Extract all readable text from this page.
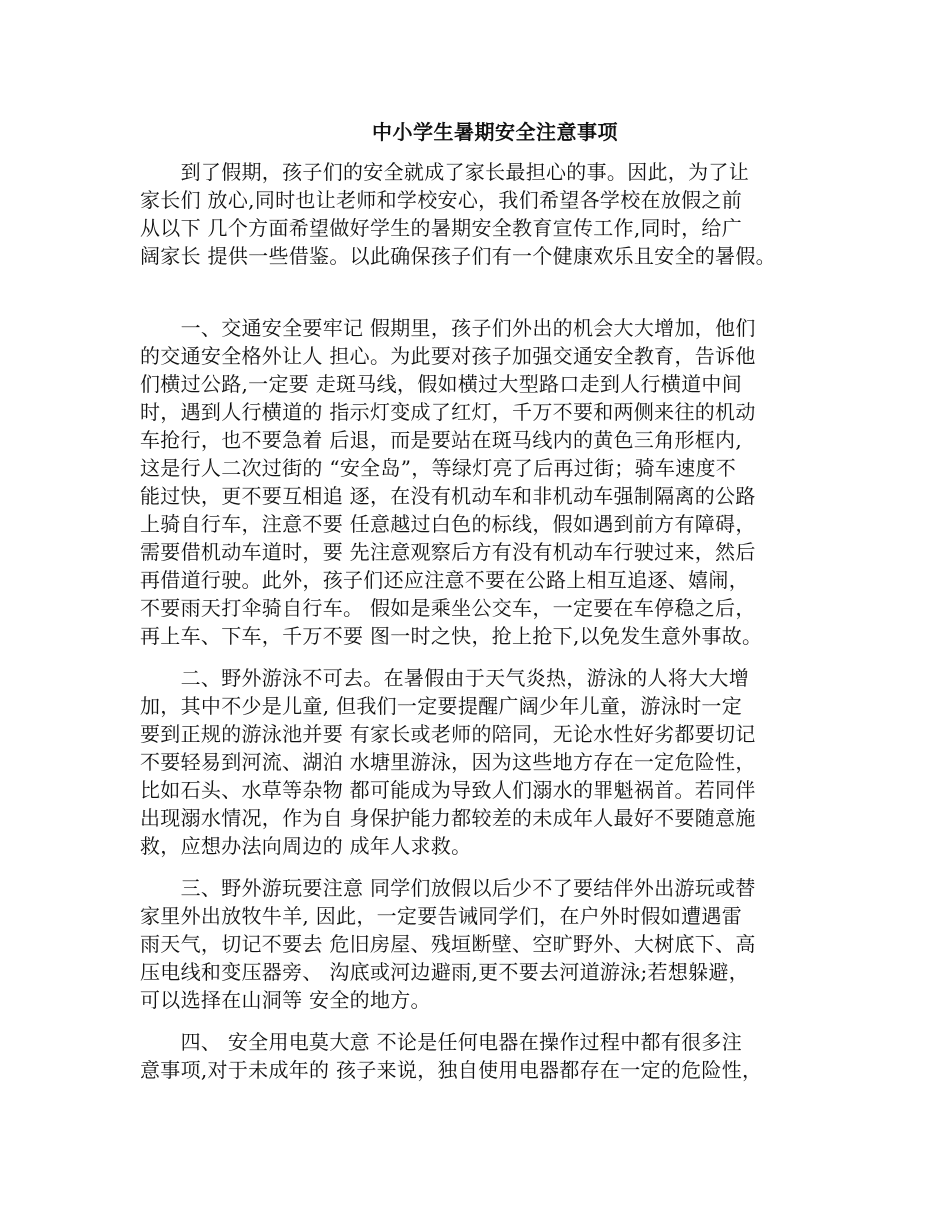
中小学生暑期安全注意事项
　　到了假期，孩子们的安全就成了家长最担心的事。因此，为了让
家长们 放心,同时也让老师和学校安心，我们希望各学校在放假之前
从以下 几个方面希望做好学生的暑期安全教育宣传工作,同时，给广
阔家长 提供一些借鉴。以此确保孩子们有一个健康欢乐且安全的暑假。
　　一、交通安全要牢记 假期里，孩子们外出的机会大大增加，他们
的交通安全格外让人 担心。为此要对孩子加强交通安全教育，告诉他
们横过公路,一定要 走斑马线，假如横过大型路口走到人行横道中间
时，遇到人行横道的 指示灯变成了红灯，千万不要和两侧来往的机动
车抢行，也不要急着 后退，而是要站在斑马线内的黄色三角形框内,
这是行人二次过街的 “安全岛”，等绿灯亮了后再过街；骑车速度不
能过快，更不要互相追 逐，在没有机动车和非机动车强制隔离的公路
上骑自行车，注意不要 任意越过白色的标线，假如遇到前方有障碍，
需要借机动车道时，要 先注意观察后方有没有机动车行驶过来，然后
再借道行驶。此外，孩子们还应注意不要在公路上相互追逐、嬉闹，
不要雨天打伞骑自行车。 假如是乘坐公交车，一定要在车停稳之后，
再上车、下车，千万不要 图一时之快，抢上抢下,以免发生意外事故。
　　二、野外游泳不可去。在暑假由于天气炎热，游泳的人将大大增
加，其中不少是儿童, 但我们一定要提醒广阔少年儿童，游泳时一定
要到正规的游泳池并要 有家长或老师的陪同，无论水性好劣都要切记
不要轻易到河流、湖泊 水塘里游泳，因为这些地方存在一定危险性，
比如石头、水草等杂物 都可能成为导致人们溺水的罪魁祸首。若同伴
出现溺水情况，作为自 身保护能力都较差的未成年人最好不要随意施
救，应想办法向周边的 成年人求救。
　　三、野外游玩要注意 同学们放假以后少不了要结伴外出游玩或替
家里外出放牧牛羊, 因此，一定要告诫同学们，在户外时假如遭遇雷
雨天气，切记不要去 危旧房屋、残垣断壁、空旷野外、大树底下、高
压电线和变压器旁、 沟底或河边避雨,更不要去河道游泳;若想躲避，
可以选择在山洞等 安全的地方。
　　四、 安全用电莫大意 不论是任何电器在操作过程中都有很多注
意事项,对于未成年的 孩子来说，独自使用电器都存在一定的危险性，
